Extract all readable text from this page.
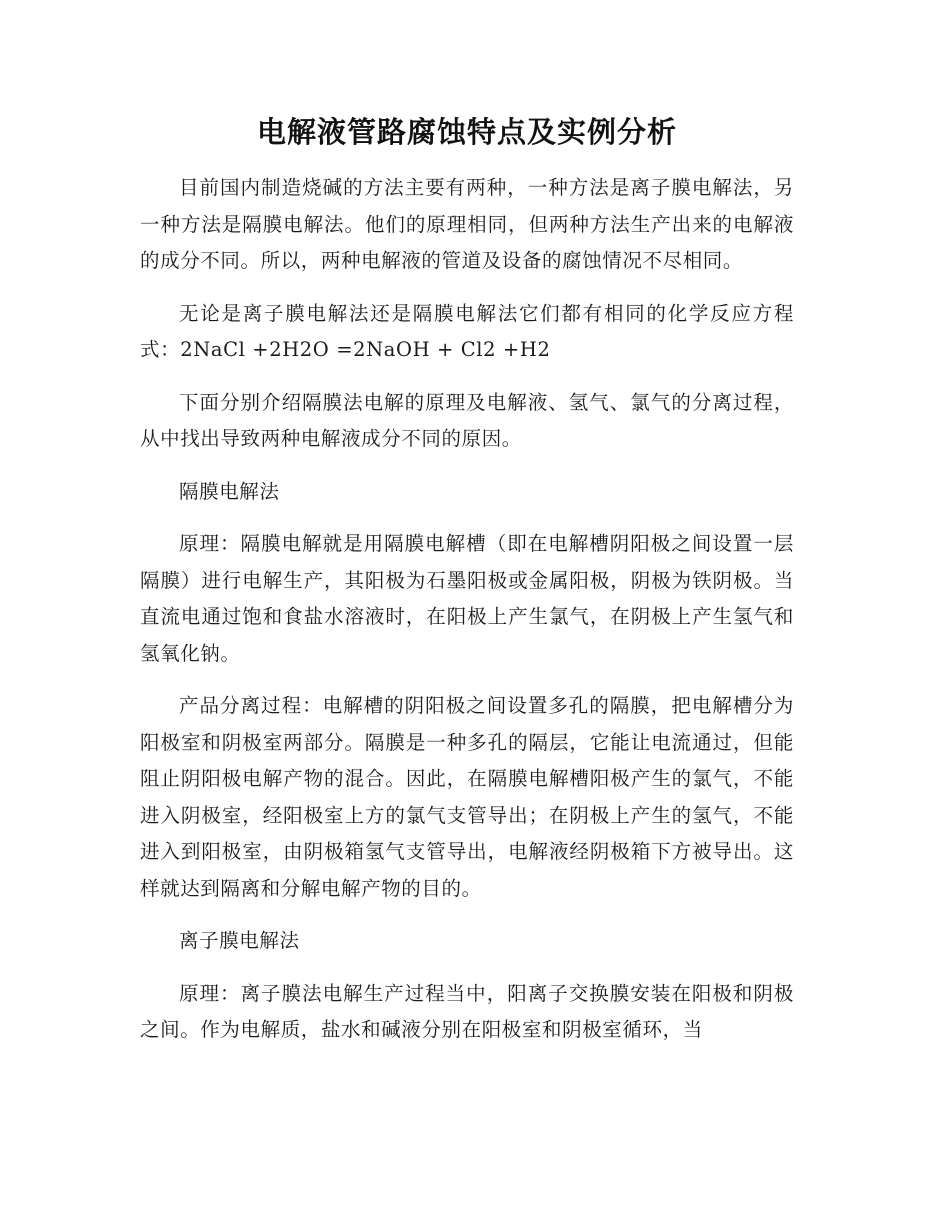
电解液管路腐蚀特点及实例分析

目前国内制造烧碱的方法主要有两种，一种方法是离子膜电解法，另一种方法是隔膜电解法。他们的原理相同，但两种方法生产出来的电解液的成分不同。所以，两种电解液的管道及设备的腐蚀情况不尽相同。

无论是离子膜电解法还是隔膜电解法它们都有相同的化学反应方程式：2NaCl +2H2O =2NaOH + Cl2 +H2

下面分别介绍隔膜法电解的原理及电解液、氢气、氯气的分离过程，从中找出导致两种电解液成分不同的原因。

隔膜电解法

原理：隔膜电解就是用隔膜电解槽（即在电解槽阴阳极之间设置一层隔膜）进行电解生产，其阳极为石墨阳极或金属阳极，阴极为铁阴极。当直流电通过饱和食盐水溶液时，在阳极上产生氯气，在阴极上产生氢气和氢氧化钠。

产品分离过程：电解槽的阴阳极之间设置多孔的隔膜，把电解槽分为阳极室和阴极室两部分。隔膜是一种多孔的隔层，它能让电流通过，但能阻止阴阳极电解产物的混合。因此，在隔膜电解槽阳极产生的氯气，不能进入阴极室，经阳极室上方的氯气支管导出；在阴极上产生的氢气，不能进入到阳极室，由阴极箱氢气支管导出，电解液经阴极箱下方被导出。这样就达到隔离和分解电解产物的目的。

离子膜电解法

原理：离子膜法电解生产过程当中，阳离子交换膜安装在阳极和阴极之间。作为电解质，盐水和碱液分别在阳极室和阴极室循环，当
